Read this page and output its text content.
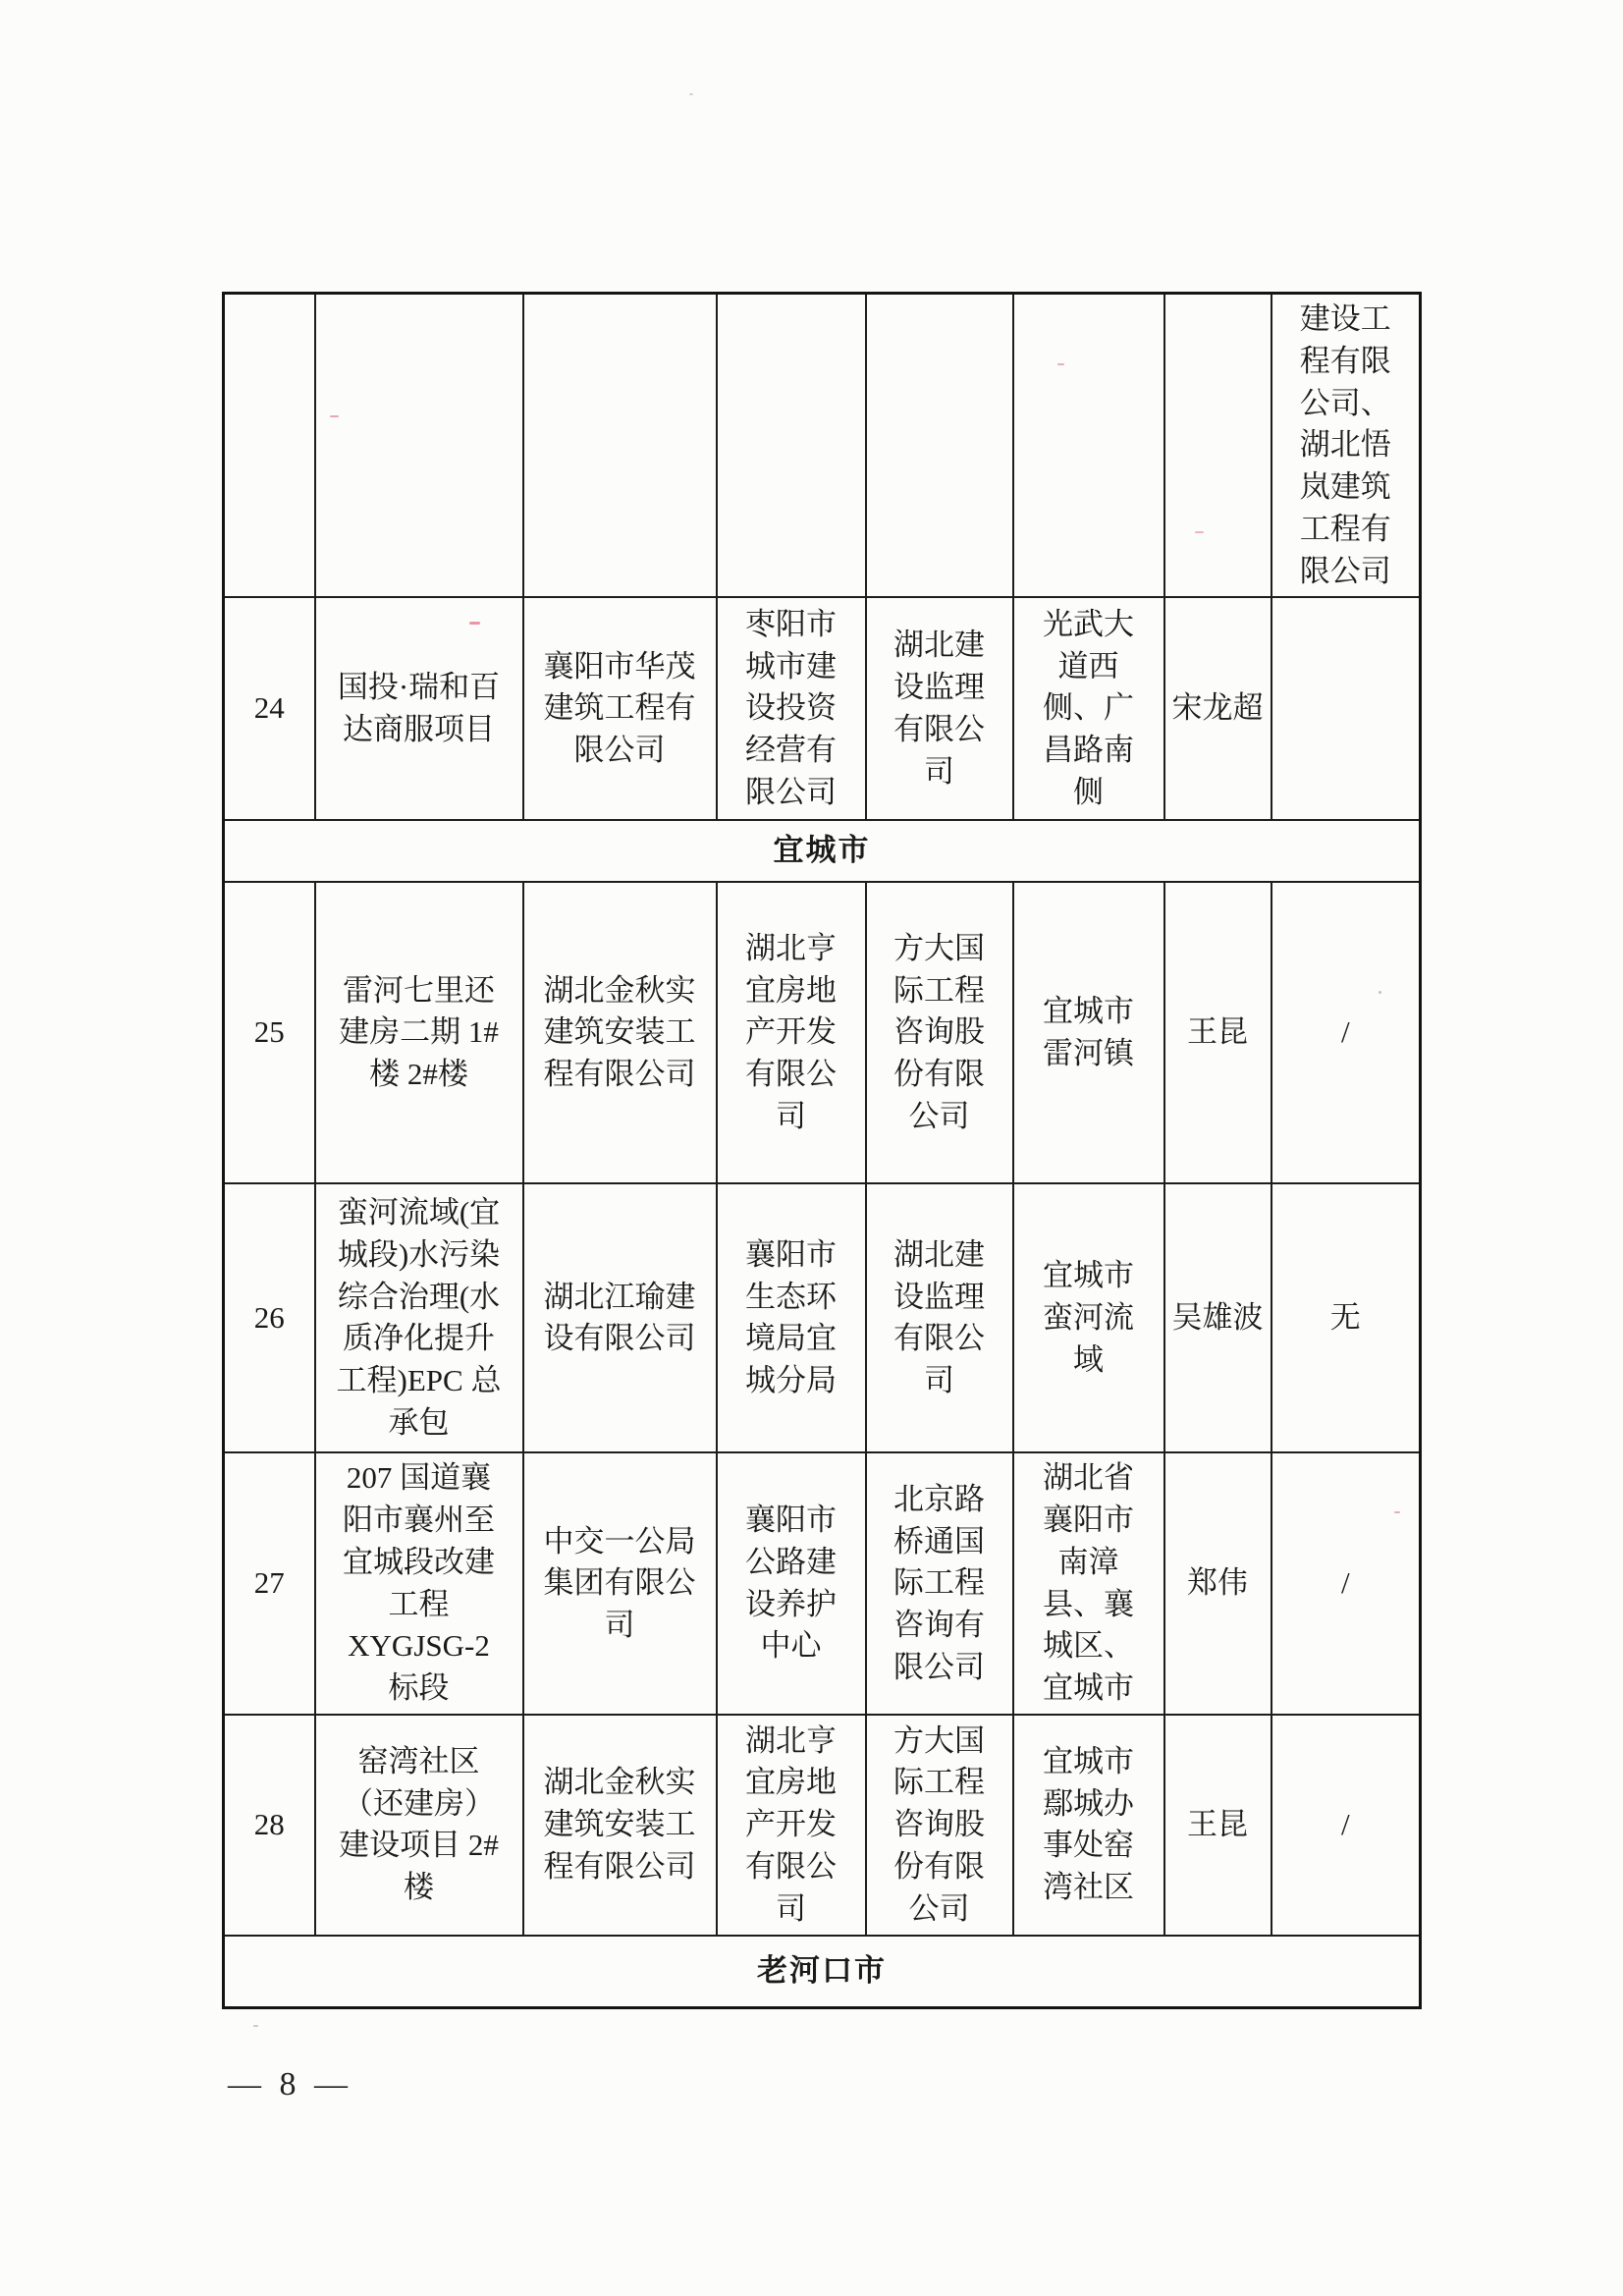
							建设工程有限公司、湖北悟岚建筑工程有限公司
24	国投·瑞和百达商服项目	襄阳市华茂建筑工程有限公司	枣阳市城市建设投资经营有限公司	湖北建设监理有限公司	光武大道西侧、广昌路南侧	宋龙超	
宜城市							
25	雷河七里还建房二期 1#楼 2#楼	湖北金秋实建筑安装工程有限公司	湖北亨宜房地产开发有限公司	方大国际工程咨询股份有限公司	宜城市雷河镇	王昆	/
26	蛮河流域(宜城段)水污染综合治理(水质净化提升工程)EPC 总承包	湖北江瑜建设有限公司	襄阳市生态环境局宜城分局	湖北建设监理有限公司	宜城市蛮河流域	吴雄波	无
27	207 国道襄阳市襄州至宜城段改建工程 XYGJSG-2 标段	中交一公局集团有限公司	襄阳市公路建设养护中心	北京路桥通国际工程咨询有限公司	湖北省襄阳市南漳县、襄城区、宜城市	郑伟	/
28	窑湾社区（还建房）建设项目 2#楼	湖北金秋实建筑安装工程有限公司	湖北亨宜房地产开发有限公司	方大国际工程咨询股份有限公司	宜城市鄢城办事处窑湾社区	王昆	/
老河口市							
— 8 —
